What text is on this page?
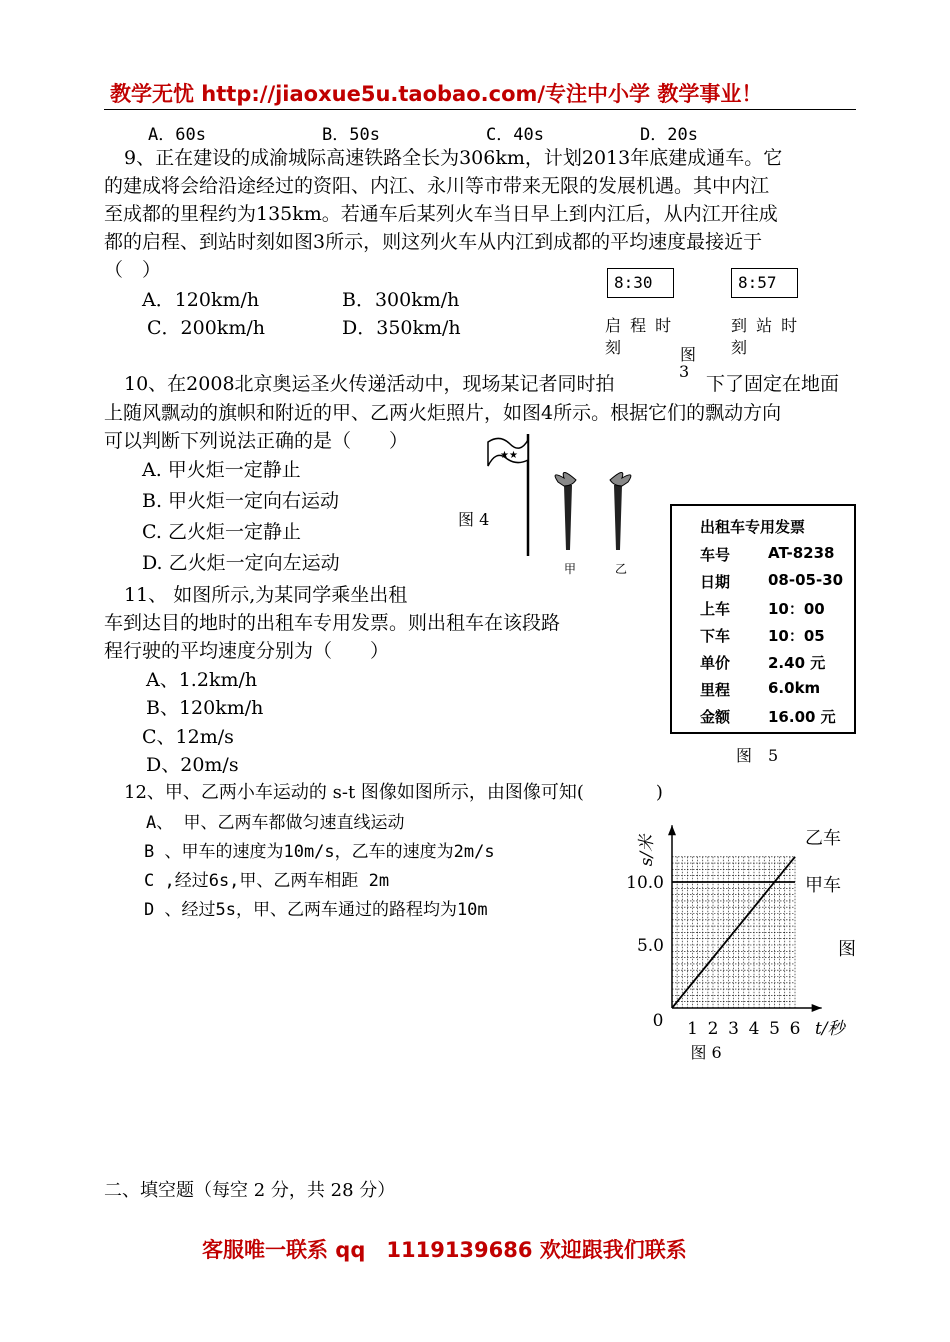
教学无忧 http://jiaoxue5u.taobao.com/专注中小学 教学事业！
A．60s	B．50s	C．40s	D．20s
9、正在建设的成渝城际高速铁路全长为306km，计划2013年底建成通车。它
的建成将会给沿途经过的资阳、内江、永川等市带来无限的发展机遇。其中内江
至成都的里程约为135km。若通车后某列火车当日早上到内江后，从内江开往成
都的启程、到站时刻如图3所示，则这列火车从内江到成都的平均速度最接近于
（　）
A．120km/h	B．300km/h
C．200km/h	D．350km/h
8:30	8:57
启 程 时
刻
到 站 时
刻
图
3
10、在2008北京奥运圣火传递活动中，现场某记者同时拍	下了固定在地面
上随风飘动的旗帜和附近的甲、乙两火炬照片，如图4所示。根据它们的飘动方向
可以判断下列说法正确的是（　　）
A. 甲火炬一定静止
B. 甲火炬一定向右运动
C. 乙火炬一定静止
D. 乙火炬一定向左运动
★★
图 4
甲	乙
11、 如图所示,为某同学乘坐出租
车到达目的地时的出租车专用发票。则出租车在该段路
程行驶的平均速度分别为（　　）
A、1.2km/h
B、120km/h
C、12m/s
D、20m/s
出租车专用发票
车号	AT-8238
日期	08-05-30
上车	10：00
下车	10：05
单价	2.40 元
里程	6.0km
金额	16.00 元
图　5
12、甲、乙两小车运动的 s-t 图像如图所示，由图像可知(　　　　)
A、 甲、乙两车都做匀速直线运动
B 、甲车的速度为10m/s，乙车的速度为2m/s
C ,经过6s,甲、乙两车相距 2m
D 、经过5s，甲、乙两车通过的路程均为10m
0 1 2 3 4 5 6
5.0
10.0
s/米
t/秒
乙车
甲车
图 6
图
二、填空题（每空 2 分，共 28 分）
客服唯一联系 qq　1119139686 欢迎跟我们联系
